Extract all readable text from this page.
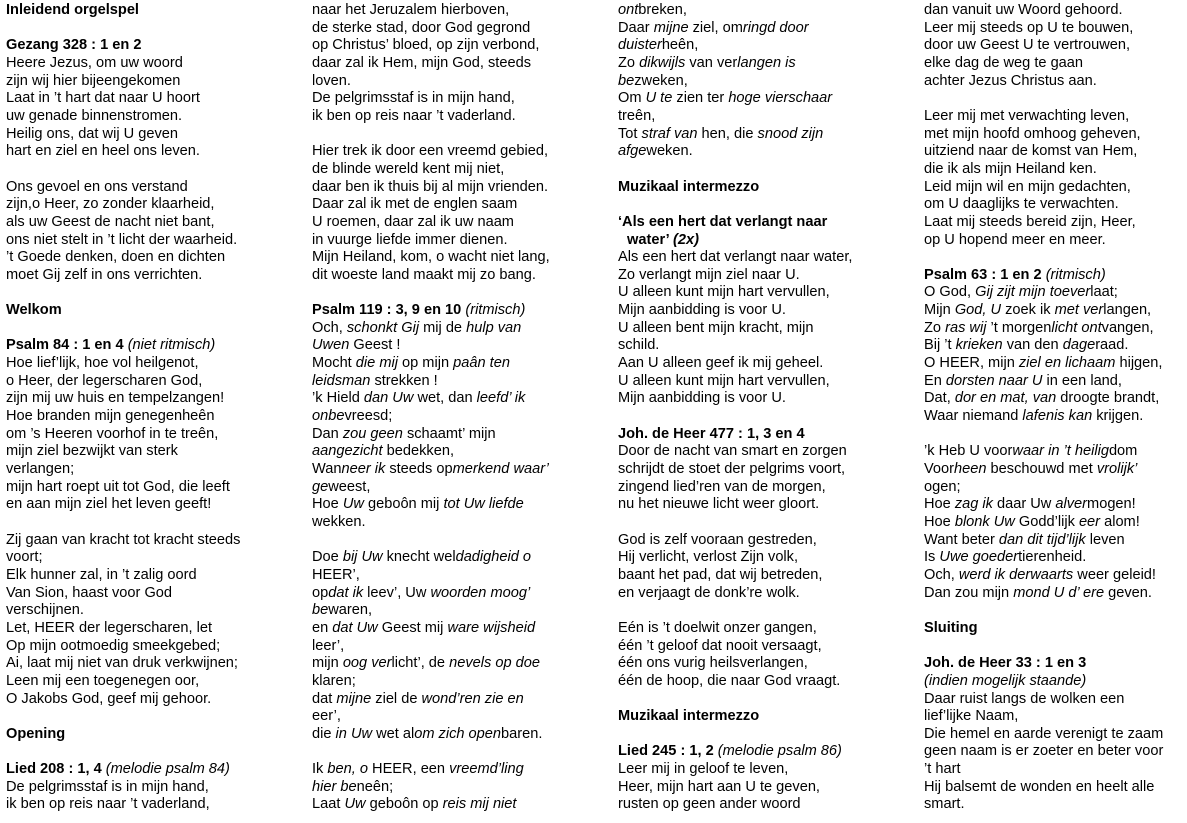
Inleidend orgelspel
Gezang 328 : 1 en 2
Heere Jezus, om uw woord
zijn wij hier bijeengekomen
Laat in ’t hart dat naar U hoort
uw genade binnenstromen.
Heilig ons, dat wij U geven
hart en ziel en heel ons leven.
Ons gevoel en ons verstand
zijn,o Heer, zo zonder klaarheid,
als uw Geest de nacht niet bant,
ons niet stelt in ’t licht der waarheid.
’t Goede denken, doen en dichten
moet Gij zelf in ons verrichten.
Welkom
Psalm 84 : 1 en 4 (niet ritmisch)
Hoe lief’lijk, hoe vol heilgenot,
o Heer, der legerscharen God,
zijn mij uw huis en tempelzangen!
Hoe branden mijn genegenheên
om ’s Heeren voorhof in te treên,
mijn ziel bezwijkt van sterk
verlangen;
mijn hart roept uit tot God, die leeft
en aan mijn ziel het leven geeft!
Zij gaan van kracht tot kracht steeds
voort;
Elk hunner zal, in ’t zalig oord
Van Sion, haast voor God
verschijnen.
Let, HEER der legerscharen, let
Op mijn ootmoedig smeekgebed;
Ai, laat mij niet van druk verkwijnen;
Leen mij een toegenegen oor,
O Jakobs God, geef mij gehoor.
Opening
Lied 208 : 1, 4 (melodie psalm 84)
De pelgrimsstaf is in mijn hand,
ik ben op reis naar ’t vaderland,
naar het Jeruzalem hierboven,
de sterke stad, door God gegrond
op Christus’ bloed, op zijn verbond,
daar zal ik Hem, mijn God, steeds
loven.
De pelgrimsstaf is in mijn hand,
ik ben op reis naar ’t vaderland.
Hier trek ik door een vreemd gebied,
de blinde wereld kent mij niet,
daar ben ik thuis bij al mijn vrienden.
Daar zal ik met de englen saam
U roemen, daar zal ik uw naam
in vuurge liefde immer dienen.
Mijn Heiland, kom, o wacht niet lang,
dit woeste land maakt mij zo bang.
Psalm 119 : 3, 9 en 10 (ritmisch)
Och, schonkt Gij mij de hulp van
Uwen Geest !
Mocht die mij op mijn paân ten
leidsman strekken !
’k Hield dan Uw wet, dan leefd’ ik
onbevreesd;
Dan zou geen schaamt’ mijn
aangezicht bedekken,
Wanneer ik steeds opmerkend waar’
geweest,
Hoe Uw geboôn mij tot Uw liefde
wekken.
Doe bij Uw knecht weldadigheid o
HEER’,
opdat ik leev’, Uw woorden moog’
bewaren,
en dat Uw Geest mij ware wijsheid
leer’,
mijn oog verlicht’, de nevels op doe
klaren;
dat mijne ziel de wond’ren zie en
eer’,
die in Uw wet alom zich openbaren.
Ik ben, o HEER, een vreemd’ling
hier beneên;
Laat Uw geboôn op reis mij niet
ontbreken,
Daar mijne ziel, omringd door
duisterheên,
Zo dikwijls van verlangen is
bezweken,
Om U te zien ter hoge vierschaar
treên,
Tot straf van hen, die snood zijn
afgeweken.
Muzikaal intermezzo
‘Als een hert dat verlangt naar
water’ (2x)
Als een hert dat verlangt naar water,
Zo verlangt mijn ziel naar U.
U alleen kunt mijn hart vervullen,
Mijn aanbidding is voor U.
U alleen bent mijn kracht, mijn
schild.
Aan U alleen geef ik mij geheel.
U alleen kunt mijn hart vervullen,
Mijn aanbidding is voor U.
Joh. de Heer 477 : 1, 3 en 4
Door de nacht van smart en zorgen
schrijdt de stoet der pelgrims voort,
zingend lied’ren van de morgen,
nu het nieuwe licht weer gloort.
God is zelf vooraan gestreden,
Hij verlicht, verlost Zijn volk,
baant het pad, dat wij betreden,
en verjaagt de donk’re wolk.
Eén is ’t doelwit onzer gangen,
één ’t geloof dat nooit versaagt,
één ons vurig heilsverlangen,
één de hoop, die naar God vraagt.
Muzikaal intermezzo
Lied 245 : 1, 2 (melodie psalm 86)
Leer mij in geloof te leven,
Heer, mijn hart aan U te geven,
rusten op geen ander woord
dan vanuit uw Woord gehoord.
Leer mij steeds op U te bouwen,
door uw Geest U te vertrouwen,
elke dag de weg te gaan
achter Jezus Christus aan.
Leer mij met verwachting leven,
met mijn hoofd omhoog geheven,
uitziend naar de komst van Hem,
die ik als mijn Heiland ken.
Leid mijn wil en mijn gedachten,
om U daaglijks te verwachten.
Laat mij steeds bereid zijn, Heer,
op U hopend meer en meer.
Psalm 63 : 1 en 2 (ritmisch)
O God, Gij zijt mijn toeverlaat;
Mijn God, U zoek ik met verlangen,
Zo ras wij ’t morgenlicht ontvangen,
Bij ’t krieken van den dageraad.
O HEER, mijn ziel en lichaam hijgen,
En dorsten naar U in een land,
Dat, dor en mat, van droogte brandt,
Waar niemand lafenis kan krijgen.
’k Heb U voorwaar in ’t heiligdom
Voorheen beschouwd met vrolijk’
ogen;
Hoe zag ik daar Uw alvermogen!
Hoe blonk Uw Godd’lijk eer alom!
Want beter dan dit tijd’lijk leven
Is Uwe goedertierenheid.
Och, werd ik derwaarts weer geleid!
Dan zou mijn mond U d’ ere geven.
Sluiting
Joh. de Heer 33 : 1 en 3
(indien mogelijk staande)
Daar ruist langs de wolken een
lief’lijke Naam,
Die hemel en aarde verenigt te zaam
geen naam is er zoeter en beter voor
’t hart
Hij balsemt de wonden en heelt alle
smart.
